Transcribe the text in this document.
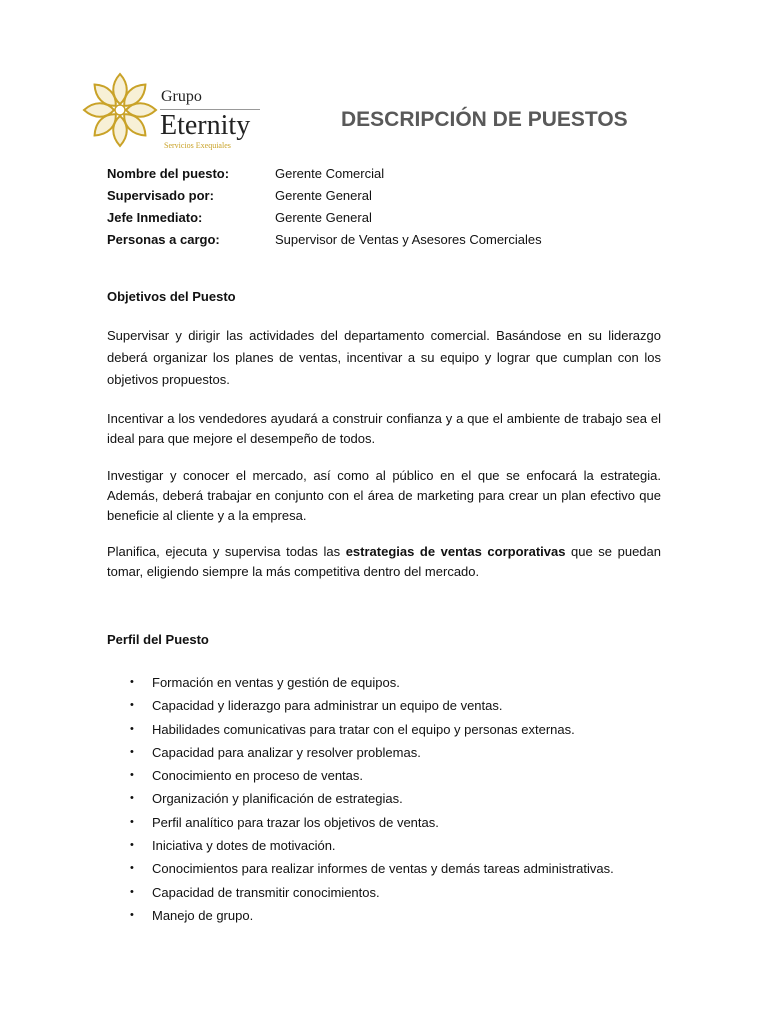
Grupo
Eternity
Servicios Exequiales
DESCRIPCIÓN DE PUESTOS
Nombre del puesto:	Gerente Comercial
Supervisado por:	Gerente General
Jefe Inmediato:	Gerente General
Personas a cargo:	Supervisor de Ventas y Asesores Comerciales
Objetivos del Puesto

Supervisar y dirigir las actividades del departamento comercial. Basándose en su liderazgo deberá organizar los planes de ventas, incentivar a su equipo y lograr que cumplan con los objetivos propuestos.

Incentivar a los vendedores ayudará a construir confianza y a que el ambiente de trabajo sea el ideal para que mejore el desempeño de todos.

Investigar y conocer el mercado, así como al público en el que se enfocará la estrategia. Además, deberá trabajar en conjunto con el área de marketing para crear un plan efectivo que beneficie al cliente y a la empresa.

Planifica, ejecuta y supervisa todas las estrategias de ventas corporativas que se puedan tomar, eligiendo siempre la más competitiva dentro del mercado.

Perfil del Puesto
• Formación en ventas y gestión de equipos.
• Capacidad y liderazgo para administrar un equipo de ventas.
• Habilidades comunicativas para tratar con el equipo y personas externas.
• Capacidad para analizar y resolver problemas.
• Conocimiento en proceso de ventas.
• Organización y planificación de estrategias.
• Perfil analítico para trazar los objetivos de ventas.
• Iniciativa y dotes de motivación.
• Conocimientos para realizar informes de ventas y demás tareas administrativas.
• Capacidad de transmitir conocimientos.
• Manejo de grupo.
